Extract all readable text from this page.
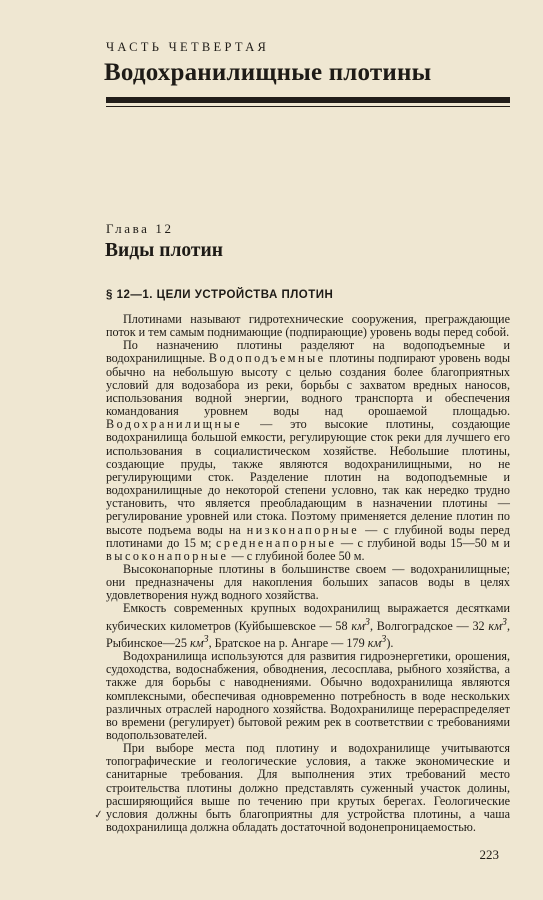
ЧАСТЬ ЧЕТВЕРТАЯ
Водохранилищные плотины
Глава 12
Виды плотин
§ 12—1. ЦЕЛИ УСТРОЙСТВА ПЛОТИН

Плотинами называют гидротехнические сооружения, преграждающие поток и тем самым поднимающие (подпирающие) уровень воды перед собой.

По назначению плотины разделяют на водоподъемные и водохранилищные. Водоподъемные плотины подпирают уровень воды обычно на небольшую высоту с целью создания более благоприятных условий для водозабора из реки, борьбы с захватом вредных наносов, использования водной энергии, водного транспорта и обеспечения командования уровнем воды над орошаемой площадью. Водохранилищные — это высокие плотины, создающие водохранилища большой емкости, регулирующие сток реки для лучшего его использования в социалистическом хозяйстве. Небольшие плотины, создающие пруды, также являются водохранилищными, но не регулирующими сток. Разделение плотин на водоподъемные и водохранилищные до некоторой степени условно, так как нередко трудно установить, что является преобладающим в назначении плотины — регулирование уровней или стока. Поэтому применяется деление плотин по высоте подъема воды на низконапорные — с глубиной воды перед плотинами до 15 м; средненапорные — с глубиной воды 15—50 м и высоконапорные — с глубиной более 50 м.

Высоконапорные плотины в большинстве своем — водохранилищные; они предназначены для накопления больших запасов воды в целях удовлетворения нужд водного хозяйства.

Емкость современных крупных водохранилищ выражается десятками кубических километров (Куйбышевское — 58 $км^3$, Волгоградское — 32 $км^3$, Рыбинское—25 $км^3$, Братское на р. Ангаре — 179 $км^3$).

Водохранилища используются для развития гидроэнергетики, орошения, судоходства, водоснабжения, обводнения, лесосплава, рыбного хозяйства, а также для борьбы с наводнениями. Обычно водохранилища являются комплексными, обеспечивая одновременно потребность в воде нескольких различных отраслей народного хозяйства. Водохранилище перераспределяет во времени (регулирует) бытовой режим рек в соответствии с требованиями водопользователей.

При выборе места под плотину и водохранилище учитываются топографические и геологические условия, а также экономические и санитарные требования. Для выполнения этих требований место строительства плотины должно представлять суженный участок долины, расширяющийся выше по течению при крутых берегах. Геологические условия должны быть благоприятны для устройства плотины, а чаша водохранилища должна обладать достаточной водонепроницаемостью.

✓
223
